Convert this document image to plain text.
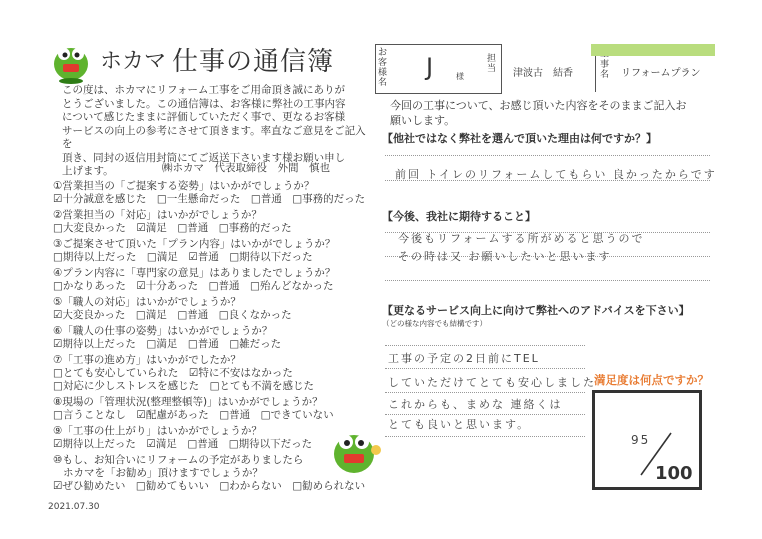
ホカマ 仕事の通信簿
この度は、ホカマにリフォーム工事をご用命頂き誠にありが
とうございました。この通信簿は、お客様に弊社の工事内容
について感じたままに評価していただく事で、更なるお客様
サービスの向上の参考にさせて頂きます。率直なご意見をご記入を
頂き、同封の返信用封筒にてご返送下さいます様お願い申し
上げます。	㈱ホカマ　代表取締役　外間　慎也
①営業担当の「ご提案する姿勢」はいかがでしょうか？
☑十分誠意を感じた　□一生懸命だった　□普通　□事務的だった
②営業担当の「対応」はいかがでしょうか？
□大変良かった　☑満足　□普通　□事務的だった
③ご提案させて頂いた「プラン内容」はいかがでしょうか？
□期待以上だった　□満足　☑普通　□期待以下だった
④プラン内容に「専門家の意見」はありましたでしょうか？
□かなりあった　☑十分あった　□普通　□殆んどなかった
⑤「職人の対応」はいかがでしょうか？
☑大変良かった　□満足　□普通　□良くなかった
⑥「職人の仕事の姿勢」はいかがでしょうか？
☑期待以上だった　□満足　□普通　□雑だった
⑦「工事の進め方」はいかがでしたか？
□とても安心していられた　☑特に不安はなかった
□対応に少しストレスを感じた　□とても不満を感じた
⑧現場の「管理状況(整理整頓等)」はいかがでしょうか？
□言うことなし　☑配慮があった　□普通　□できていない
⑨「工事の仕上がり」はいかがでしょうか？
☑期待以上だった　☑満足　□普通　□期待以下だった
⑩もし、お知合いにリフォームの予定がありましたら
ホカマを「お勧め」頂けますでしょうか？
☑ぜひ勧めたい　□勧めてもいい　□わからない　□勧められない
2021.07.30
お客様名
J	様
担当 津波古　結香
事名 リフォームプラン
今回の工事について、お感じ頂いた内容をそのままご記入お願いします。
【他社ではなく弊社を選んで頂いた理由は何ですか？】
前回 トイレのリフォームしてもらい 良かったからです
【今後、我社に期待すること】
今後もリフォームする所がめると思うので
その時は又 お願いしたいと思います
【更なるサービス向上に向けて弊社へのアドバイスを下さい】
（どの様な内容でも結構です）
工事の予定の2日前にTEL
していただけてとても安心しました
これからも、まめな 連絡くは
とても良いと思います。
満足度は何点ですか？
95
100
